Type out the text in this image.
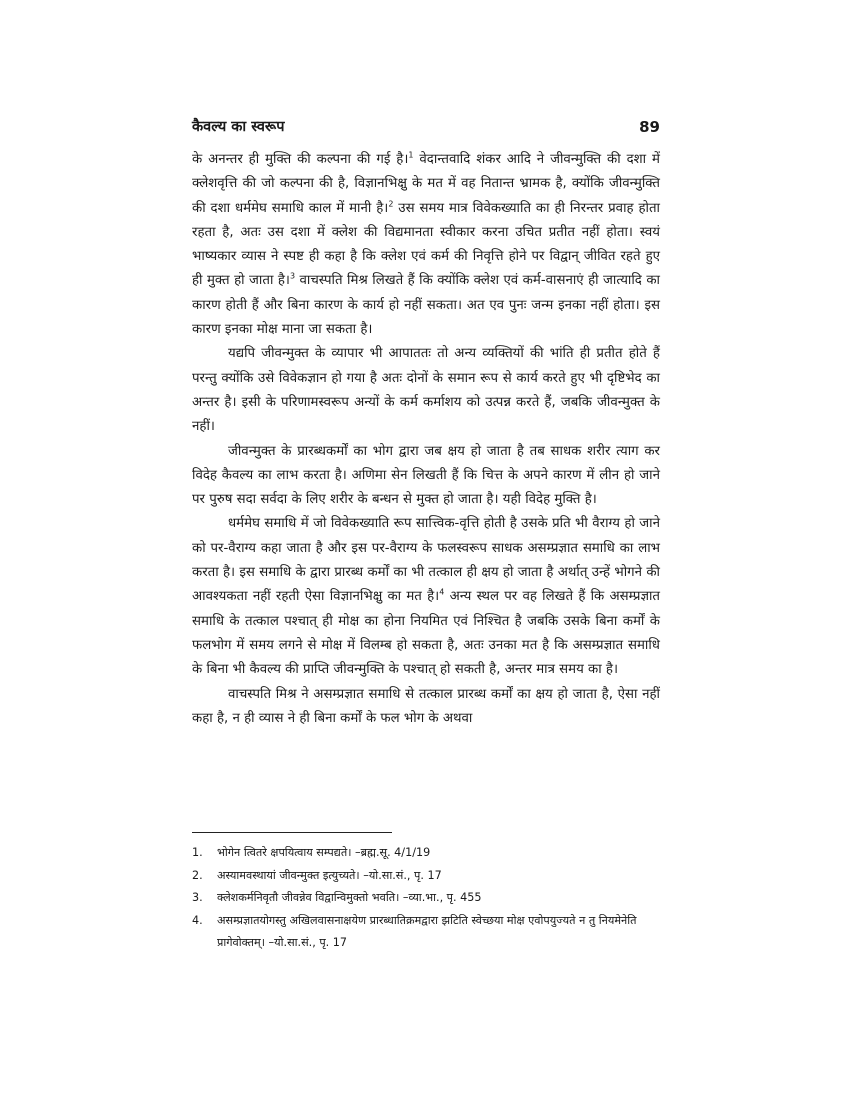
कैवल्य का स्वरूप	89

के अनन्तर ही मुक्ति की कल्पना की गई है।$^1$ वेदान्तवादि शंकर आदि ने जीवन्मुक्ति की दशा में क्लेशवृत्ति की जो कल्पना की है, विज्ञानभिक्षु के मत में वह नितान्त भ्रामक है, क्योंकि जीवन्मुक्ति की दशा धर्ममेघ समाधि काल में मानी है।$^2$ उस समय मात्र विवेकख्याति का ही निरन्तर प्रवाह होता रहता है, अतः उस दशा में क्लेश की विद्यमानता स्वीकार करना उचित प्रतीत नहीं होता। स्वयं भाष्यकार व्यास ने स्पष्ट ही कहा है कि क्लेश एवं कर्म की निवृत्ति होने पर विद्वान् जीवित रहते हुए ही मुक्त हो जाता है।$^3$ वाचस्पति मिश्र लिखते हैं कि क्योंकि क्लेश एवं कर्म-वासनाएं ही जात्यादि का कारण होती हैं और बिना कारण के कार्य हो नहीं सकता। अत एव पुनः जन्म इनका नहीं होता। इस कारण इनका मोक्ष माना जा सकता है।

यद्यपि जीवन्मुक्त के व्यापार भी आपाततः तो अन्य व्यक्तियों की भांति ही प्रतीत होते हैं परन्तु क्योंकि उसे विवेकज्ञान हो गया है अतः दोनों के समान रूप से कार्य करते हुए भी दृष्टिभेद का अन्तर है। इसी के परिणामस्वरूप अन्यों के कर्म कर्माशय को उत्पन्न करते हैं, जबकि जीवन्मुक्त के नहीं।

जीवन्मुक्त के प्रारब्धकर्मों का भोग द्वारा जब क्षय हो जाता है तब साधक शरीर त्याग कर विदेह कैवल्य का लाभ करता है। अणिमा सेन लिखती हैं कि चित्त के अपने कारण में लीन हो जाने पर पुरुष सदा सर्वदा के लिए शरीर के बन्धन से मुक्त हो जाता है। यही विदेह मुक्ति है।

धर्ममेघ समाधि में जो विवेकख्याति रूप सात्त्विक-वृत्ति होती है उसके प्रति भी वैराग्य हो जाने को पर-वैराग्य कहा जाता है और इस पर-वैराग्य के फलस्वरूप साधक असम्प्रज्ञात समाधि का लाभ करता है। इस समाधि के द्वारा प्रारब्ध कर्मों का भी तत्काल ही क्षय हो जाता है अर्थात् उन्हें भोगने की आवश्यकता नहीं रहती ऐसा विज्ञानभिक्षु का मत है।$^4$ अन्य स्थल पर वह लिखते हैं कि असम्प्रज्ञात समाधि के तत्काल पश्चात् ही मोक्ष का होना नियमित एवं निश्चित है जबकि उसके बिना कर्मों के फलभोग में समय लगने से मोक्ष में विलम्ब हो सकता है, अतः उनका मत है कि असम्प्रज्ञात समाधि के बिना भी कैवल्य की प्राप्ति जीवन्मुक्ति के पश्चात् हो सकती है, अन्तर मात्र समय का है।

वाचस्पति मिश्र ने असम्प्रज्ञात समाधि से तत्काल प्रारब्ध कर्मों का क्षय हो जाता है, ऐसा नहीं कहा है, न ही व्यास ने ही बिना कर्मों के फल भोग के अथवा

1.	भोगेन त्वितरे क्षपयित्वाय सम्पद्यते। –ब्रह्म.सू. 4/1/19
2.	अस्यामवस्थायां जीवन्मुक्त इत्युच्यते। –यो.सा.सं., पृ. 17
3.	क्लेशकर्मनिवृतौ जीवन्नेव विद्वान्विमुक्तो भवति। –व्या.भा., पृ. 455
4.	असम्प्रज्ञातयोगस्तु अखिलवासनाक्षयेण प्रारब्धातिक्रमद्वारा झटिति स्वेच्छया मोक्ष एवोपयुज्यते न तु नियमेनेति प्रागेवोक्तम्। –यो.सा.सं., पृ. 17
